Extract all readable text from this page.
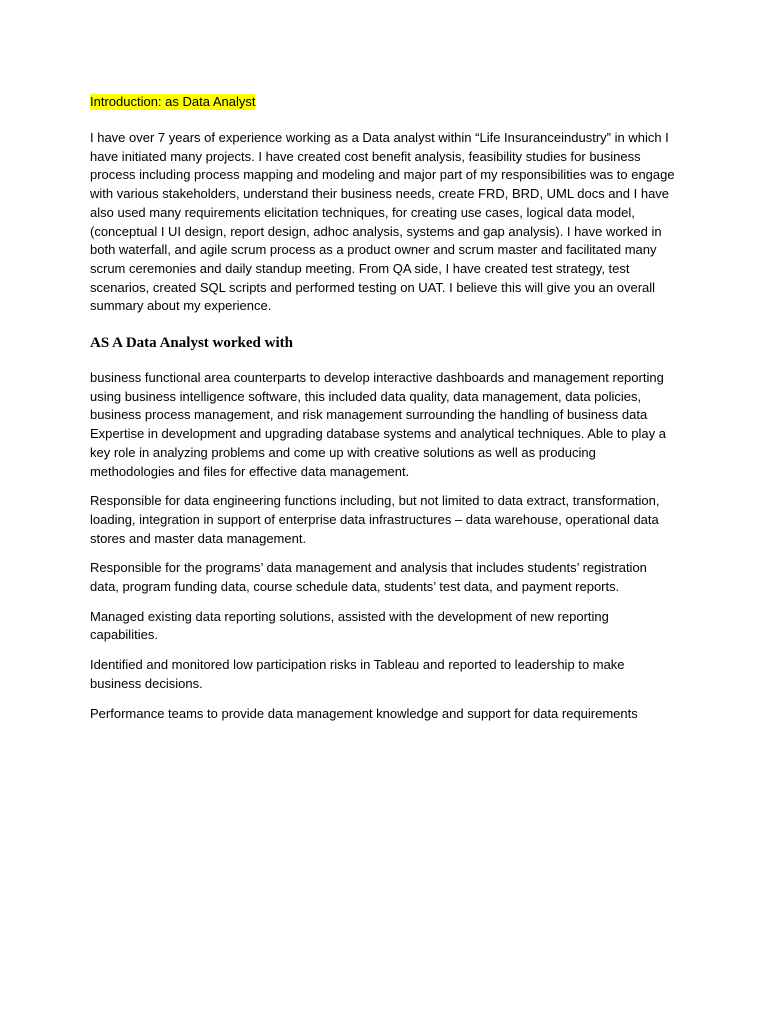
Introduction: as Data Analyst

I have over 7 years of experience working as a Data analyst within “Life Insuranceindustry” in which I have initiated many projects. I have created cost benefit analysis, feasibility studies for business process including process mapping and modeling and major part of my responsibilities was to engage with various stakeholders, understand their business needs, create FRD, BRD, UML docs and I have also used many requirements elicitation techniques, for creating use cases, logical data model, (conceptual I UI design, report design, adhoc analysis, systems and gap analysis). I have worked in both waterfall, and agile scrum process as a product owner and scrum master and facilitated many scrum ceremonies and daily standup meeting. From QA side, I have created test strategy, test scenarios, created SQL scripts and performed testing on UAT. I believe this will give you an overall summary about my experience.

AS A Data Analyst worked with

business functional area counterparts to develop interactive dashboards and management reporting using business intelligence software, this included data quality, data management, data policies, business process management, and risk management surrounding the handling of business data Expertise in development and upgrading database systems and analytical techniques. Able to play a key role in analyzing problems and come up with creative solutions as well as producing methodologies and files for effective data management.

Responsible for data engineering functions including, but not limited to data extract, transformation, loading, integration in support of enterprise data infrastructures – data warehouse, operational data stores and master data management.

Responsible for the programs’ data management and analysis that includes students’ registration data, program funding data, course schedule data, students’ test data, and payment reports.

Managed existing data reporting solutions, assisted with the development of new reporting capabilities.

Identified and monitored low participation risks in Tableau and reported to leadership to make business decisions.

Performance teams to provide data management knowledge and support for data requirements
